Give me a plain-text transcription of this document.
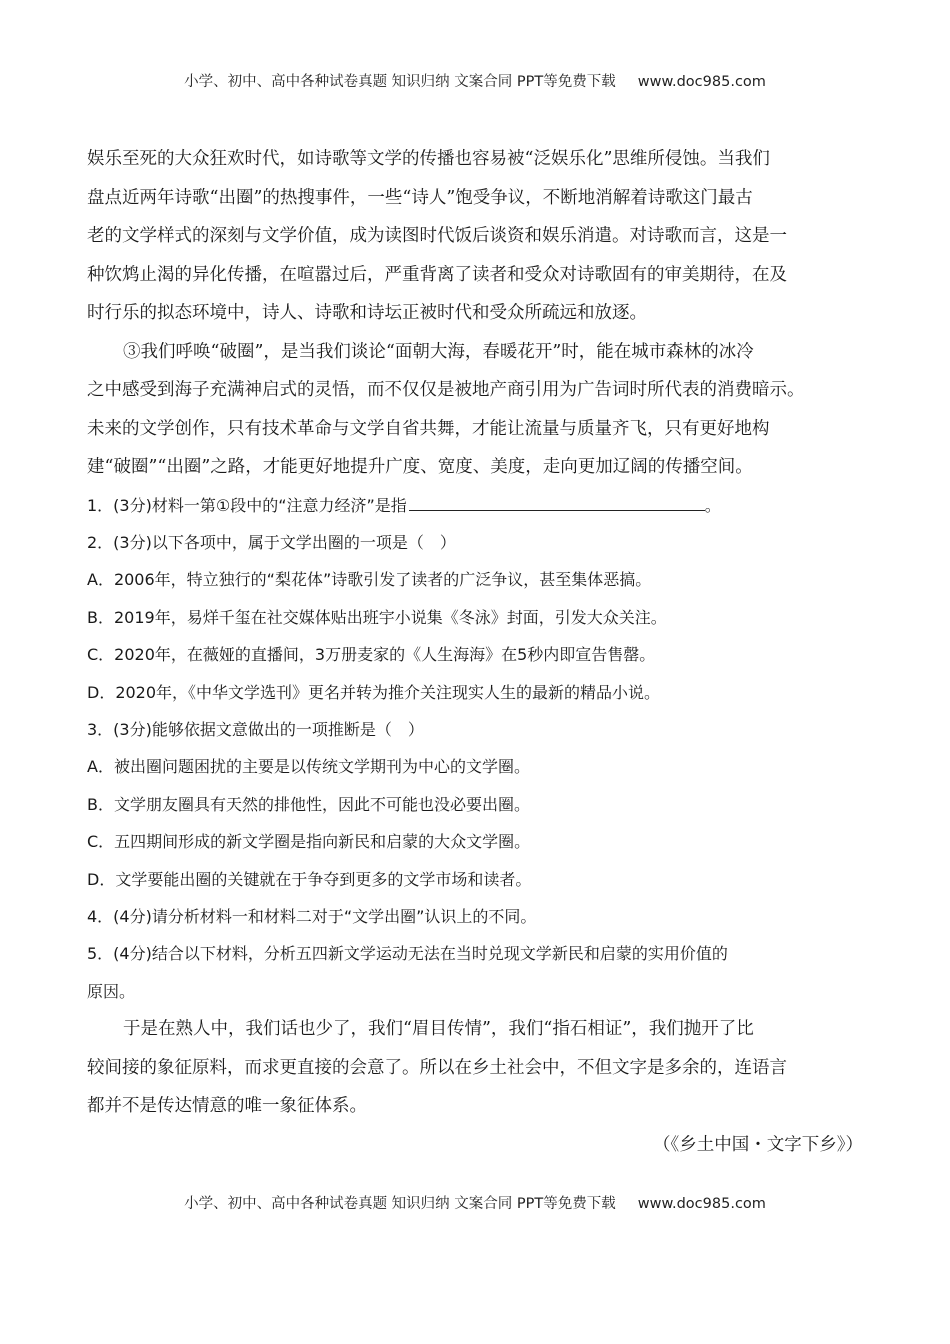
小学、初中、高中各种试卷真题 知识归纳 文案合同 PPT等免费下载 www.doc985.com
娱乐至死的大众狂欢时代，如诗歌等文学的传播也容易被“泛娱乐化”思维所侵蚀。当我们
盘点近两年诗歌“出圈”的热搜事件，一些“诗人”饱受争议，不断地消解着诗歌这门最古
老的文学样式的深刻与文学价值，成为读图时代饭后谈资和娱乐消遣。对诗歌而言，这是一
种饮鸩止渴的异化传播，在喧嚣过后，严重背离了读者和受众对诗歌固有的审美期待，在及
时行乐的拟态环境中，诗人、诗歌和诗坛正被时代和受众所疏远和放逐。
③我们呼唤“破圈”，是当我们谈论“面朝大海，春暖花开”时，能在城市森林的冰冷
之中感受到海子充满神启式的灵悟，而不仅仅是被地产商引用为广告词时所代表的消费暗示。
未来的文学创作，只有技术革命与文学自省共舞，才能让流量与质量齐飞，只有更好地构
建“破圈”“出圈”之路，才能更好地提升广度、宽度、美度，走向更加辽阔的传播空间。

1．(3分)材料一第①段中的“注意力经济”是指	。

2．(3分)以下各项中，属于文学出圈的一项是（　）

A．2006年，特立独行的“梨花体”诗歌引发了读者的广泛争议，甚至集体恶搞。

B．2019年，易烊千玺在社交媒体贴出班宇小说集《冬泳》封面，引发大众关注。

C．2020年，在薇娅的直播间，3万册麦家的《人生海海》在5秒内即宣告售罄。

D．2020年，《中华文学选刊》更名并转为推介关注现实人生的最新的精品小说。

3．(3分)能够依据文意做出的一项推断是（　）

A．被出圈问题困扰的主要是以传统文学期刊为中心的文学圈。

B．文学朋友圈具有天然的排他性，因此不可能也没必要出圈。

C．五四期间形成的新文学圈是指向新民和启蒙的大众文学圈。

D．文学要能出圈的关键就在于争夺到更多的文学市场和读者。

4．(4分)请分析材料一和材料二对于“文学出圈”认识上的不同。

5．(4分)结合以下材料，分析五四新文学运动无法在当时兑现文学新民和启蒙的实用价值的

原因。

于是在熟人中，我们话也少了，我们“眉目传情”，我们“指石相证”，我们抛开了比
较间接的象征原料，而求更直接的会意了。所以在乡土社会中，不但文字是多余的，连语言
都并不是传达情意的唯一象征体系。

（《乡土中国・文字下乡》）

小学、初中、高中各种试卷真题 知识归纳 文案合同 PPT等免费下载 www.doc985.com
